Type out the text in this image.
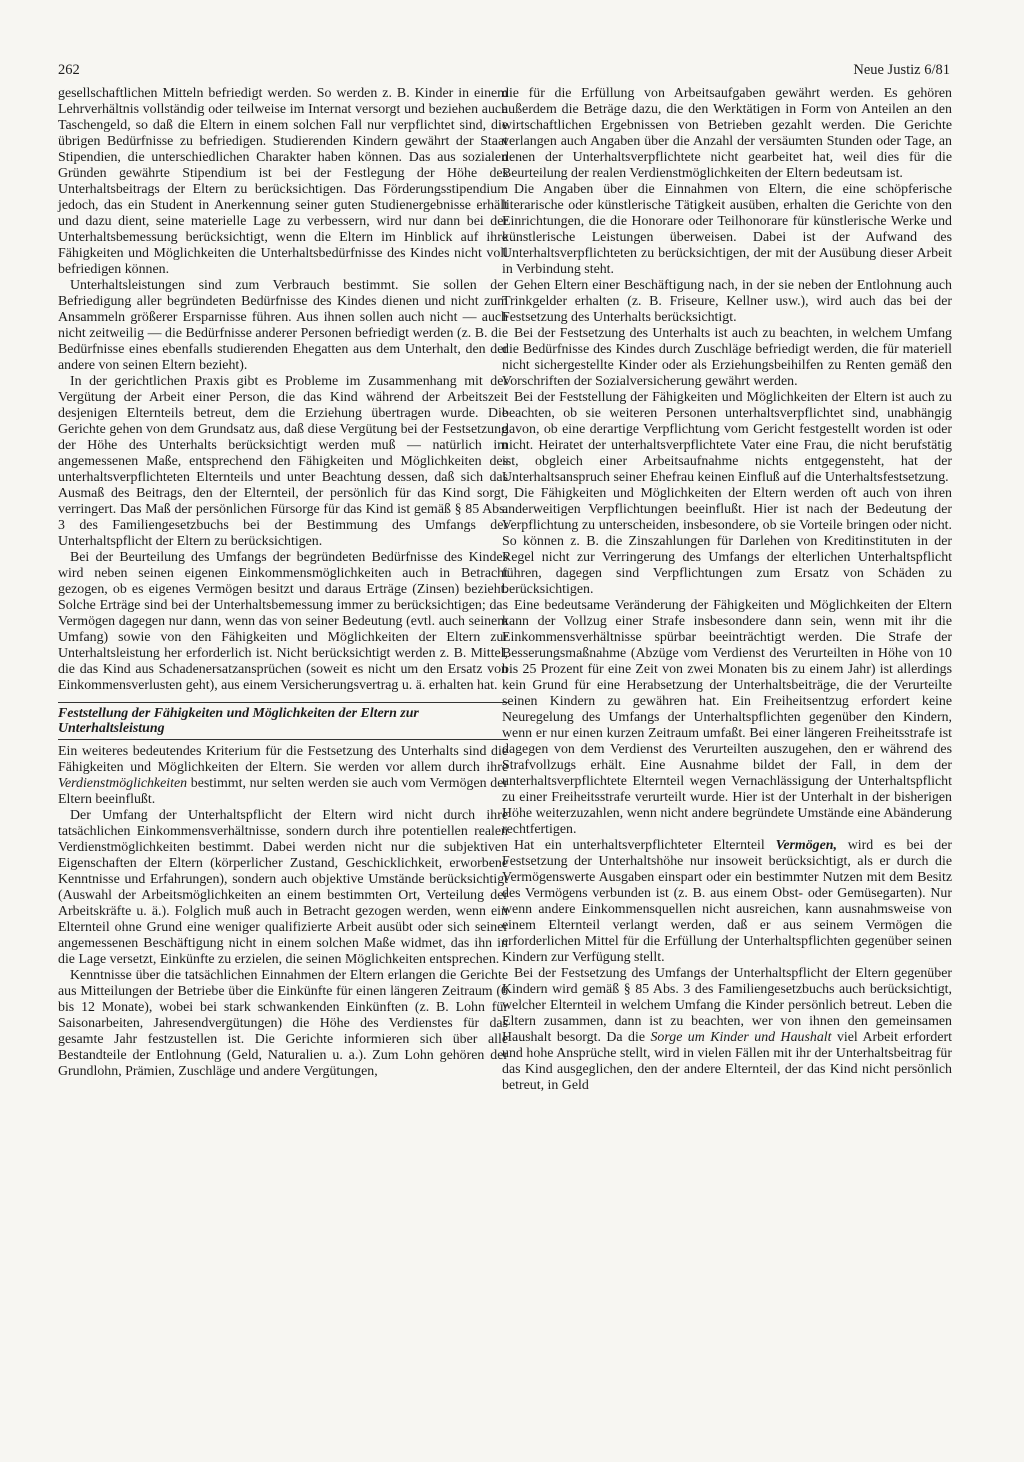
262	Neue Justiz 6/81

gesellschaftlichen Mitteln befriedigt werden. So werden z. B. Kinder in einem Lehrverhältnis vollständig oder teilweise im Internat versorgt und beziehen auch Taschengeld, so daß die Eltern in einem solchen Fall nur verpflichtet sind, die übrigen Bedürfnisse zu befriedigen. Studierenden Kindern gewährt der Staat Stipendien, die unterschiedlichen Charakter haben können. Das aus sozialen Gründen gewährte Stipendium ist bei der Festlegung der Höhe des Unterhaltsbeitrags der Eltern zu berücksichtigen. Das Förderungsstipendium jedoch, das ein Student in Anerkennung seiner guten Studienergebnisse erhält und dazu dient, seine materielle Lage zu verbessern, wird nur dann bei der Unterhaltsbemessung berücksichtigt, wenn die Eltern im Hinblick auf ihre Fähigkeiten und Möglichkeiten die Unterhaltsbedürfnisse des Kindes nicht voll befriedigen können.

Unterhaltsleistungen sind zum Verbrauch bestimmt. Sie sollen der Befriedigung aller begründeten Bedürfnisse des Kindes dienen und nicht zum Ansammeln größerer Ersparnisse führen. Aus ihnen sollen auch nicht — auch nicht zeitweilig — die Bedürfnisse anderer Personen befriedigt werden (z. B. die Bedürfnisse eines ebenfalls studierenden Ehegatten aus dem Unterhalt, den der andere von seinen Eltern bezieht).

In der gerichtlichen Praxis gibt es Probleme im Zusammenhang mit der Vergütung der Arbeit einer Person, die das Kind während der Arbeitszeit desjenigen Elternteils betreut, dem die Erziehung übertragen wurde. Die Gerichte gehen von dem Grundsatz aus, daß diese Vergütung bei der Festsetzung der Höhe des Unterhalts berücksichtigt werden muß — natürlich im angemessenen Maße, entsprechend den Fähigkeiten und Möglichkeiten des unterhaltsverpflichteten Elternteils und unter Beachtung dessen, daß sich das Ausmaß des Beitrags, den der Elternteil, der persönlich für das Kind sorgt, verringert. Das Maß der persönlichen Fürsorge für das Kind ist gemäß § 85 Abs. 3 des Familiengesetzbuchs bei der Bestimmung des Umfangs der Unterhaltspflicht der Eltern zu berücksichtigen.

Bei der Beurteilung des Umfangs der begründeten Bedürfnisse des Kindes wird neben seinen eigenen Einkommensmöglichkeiten auch in Betracht gezogen, ob es eigenes Vermögen besitzt und daraus Erträge (Zinsen) bezieht. Solche Erträge sind bei der Unterhaltsbemessung immer zu berücksichtigen; das Vermögen dagegen nur dann, wenn das von seiner Bedeutung (evtl. auch seinem Umfang) sowie von den Fähigkeiten und Möglichkeiten der Eltern zur Unterhaltsleistung her erforderlich ist. Nicht berücksichtigt werden z. B. Mittel, die das Kind aus Schadenersatzansprüchen (soweit es nicht um den Ersatz von Einkommensverlusten geht), aus einem Versicherungsvertrag u. ä. erhalten hat.

Feststellung der Fähigkeiten und Möglichkeiten der Eltern zur Unterhaltsleistung

Ein weiteres bedeutendes Kriterium für die Festsetzung des Unterhalts sind die Fähigkeiten und Möglichkeiten der Eltern. Sie werden vor allem durch ihre Verdienstmöglichkeiten bestimmt, nur selten werden sie auch vom Vermögen der Eltern beeinflußt.

Der Umfang der Unterhaltspflicht der Eltern wird nicht durch ihre tatsächlichen Einkommensverhältnisse, sondern durch ihre potentiellen realen Verdienstmöglichkeiten bestimmt. Dabei werden nicht nur die subjektiven Eigenschaften der Eltern (körperlicher Zustand, Geschicklichkeit, erworbene Kenntnisse und Erfahrungen), sondern auch objektive Umstände berücksichtigt (Auswahl der Arbeitsmöglichkeiten an einem bestimmten Ort, Verteilung der Arbeitskräfte u. ä.). Folglich muß auch in Betracht gezogen werden, wenn ein Elternteil ohne Grund eine weniger qualifizierte Arbeit ausübt oder sich seiner angemessenen Beschäftigung nicht in einem solchen Maße widmet, das ihn in die Lage versetzt, Einkünfte zu erzielen, die seinen Möglichkeiten entsprechen.

Kenntnisse über die tatsächlichen Einnahmen der Eltern erlangen die Gerichte aus Mitteilungen der Betriebe über die Einkünfte für einen längeren Zeitraum (6 bis 12 Monate), wobei bei stark schwankenden Einkünften (z. B. Lohn für Saisonarbeiten, Jahresendvergütungen) die Höhe des Verdienstes für das gesamte Jahr festzustellen ist. Die Gerichte informieren sich über alle Bestandteile der Entlohnung (Geld, Naturalien u. a.). Zum Lohn gehören der Grundlohn, Prämien, Zuschläge und andere Vergütungen,

die für die Erfüllung von Arbeitsaufgaben gewährt werden. Es gehören außerdem die Beträge dazu, die den Werktätigen in Form von Anteilen an den wirtschaftlichen Ergebnissen von Betrieben gezahlt werden. Die Gerichte verlangen auch Angaben über die Anzahl der versäumten Stunden oder Tage, an denen der Unterhaltsverpflichtete nicht gearbeitet hat, weil dies für die Beurteilung der realen Verdienstmöglichkeiten der Eltern bedeutsam ist.

Die Angaben über die Einnahmen von Eltern, die eine schöpferische literarische oder künstlerische Tätigkeit ausüben, erhalten die Gerichte von den Einrichtungen, die die Honorare oder Teilhonorare für künstlerische Werke und künstlerische Leistungen überweisen. Dabei ist der Aufwand des Unterhaltsverpflichteten zu berücksichtigen, der mit der Ausübung dieser Arbeit in Verbindung steht.

Gehen Eltern einer Beschäftigung nach, in der sie neben der Entlohnung auch Trinkgelder erhalten (z. B. Friseure, Kellner usw.), wird auch das bei der Festsetzung des Unterhalts berücksichtigt.

Bei der Festsetzung des Unterhalts ist auch zu beachten, in welchem Umfang die Bedürfnisse des Kindes durch Zuschläge befriedigt werden, die für materiell nicht sichergestellte Kinder oder als Erziehungsbeihilfen zu Renten gemäß den Vorschriften der Sozialversicherung gewährt werden.

Bei der Feststellung der Fähigkeiten und Möglichkeiten der Eltern ist auch zu beachten, ob sie weiteren Personen unterhaltsverpflichtet sind, unabhängig davon, ob eine derartige Verpflichtung vom Gericht festgestellt worden ist oder nicht. Heiratet der unterhaltsverpflichtete Vater eine Frau, die nicht berufstätig ist, obgleich einer Arbeitsaufnahme nichts entgegensteht, hat der Unterhaltsanspruch seiner Ehefrau keinen Einfluß auf die Unterhaltsfestsetzung.

Die Fähigkeiten und Möglichkeiten der Eltern werden oft auch von ihren anderweitigen Verpflichtungen beeinflußt. Hier ist nach der Bedeutung der Verpflichtung zu unterscheiden, insbesondere, ob sie Vorteile bringen oder nicht. So können z. B. die Zinszahlungen für Darlehen von Kreditinstituten in der Regel nicht zur Verringerung des Umfangs der elterlichen Unterhaltspflicht führen, dagegen sind Verpflichtungen zum Ersatz von Schäden zu berücksichtigen.

Eine bedeutsame Veränderung der Fähigkeiten und Möglichkeiten der Eltern kann der Vollzug einer Strafe insbesondere dann sein, wenn mit ihr die Einkommensverhältnisse spürbar beeinträchtigt werden. Die Strafe der Besserungsmaßnahme (Abzüge vom Verdienst des Verurteilten in Höhe von 10 bis 25 Prozent für eine Zeit von zwei Monaten bis zu einem Jahr) ist allerdings kein Grund für eine Herabsetzung der Unterhaltsbeiträge, die der Verurteilte seinen Kindern zu gewähren hat. Ein Freiheitsentzug erfordert keine Neuregelung des Umfangs der Unterhaltspflichten gegenüber den Kindern, wenn er nur einen kurzen Zeitraum umfaßt. Bei einer längeren Freiheitsstrafe ist dagegen von dem Verdienst des Verurteilten auszugehen, den er während des Strafvollzugs erhält. Eine Ausnahme bildet der Fall, in dem der unterhaltsverpflichtete Elternteil wegen Vernachlässigung der Unterhaltspflicht zu einer Freiheitsstrafe verurteilt wurde. Hier ist der Unterhalt in der bisherigen Höhe weiterzuzahlen, wenn nicht andere begründete Umstände eine Abänderung rechtfertigen.

Hat ein unterhaltsverpflichteter Elternteil Vermögen, wird es bei der Festsetzung der Unterhaltshöhe nur insoweit berücksichtigt, als er durch die Vermögenswerte Ausgaben einspart oder ein bestimmter Nutzen mit dem Besitz des Vermögens verbunden ist (z. B. aus einem Obst- oder Gemüsegarten). Nur wenn andere Einkommensquellen nicht ausreichen, kann ausnahmsweise von einem Elternteil verlangt werden, daß er aus seinem Vermögen die erforderlichen Mittel für die Erfüllung der Unterhaltspflichten gegenüber seinen Kindern zur Verfügung stellt.

Bei der Festsetzung des Umfangs der Unterhaltspflicht der Eltern gegenüber Kindern wird gemäß § 85 Abs. 3 des Familiengesetzbuchs auch berücksichtigt, welcher Elternteil in welchem Umfang die Kinder persönlich betreut. Leben die Eltern zusammen, dann ist zu beachten, wer von ihnen den gemeinsamen Haushalt besorgt. Da die Sorge um Kinder und Haushalt viel Arbeit erfordert und hohe Ansprüche stellt, wird in vielen Fällen mit ihr der Unterhaltsbeitrag für das Kind ausgeglichen, den der andere Elternteil, der das Kind nicht persönlich betreut, in Geld
